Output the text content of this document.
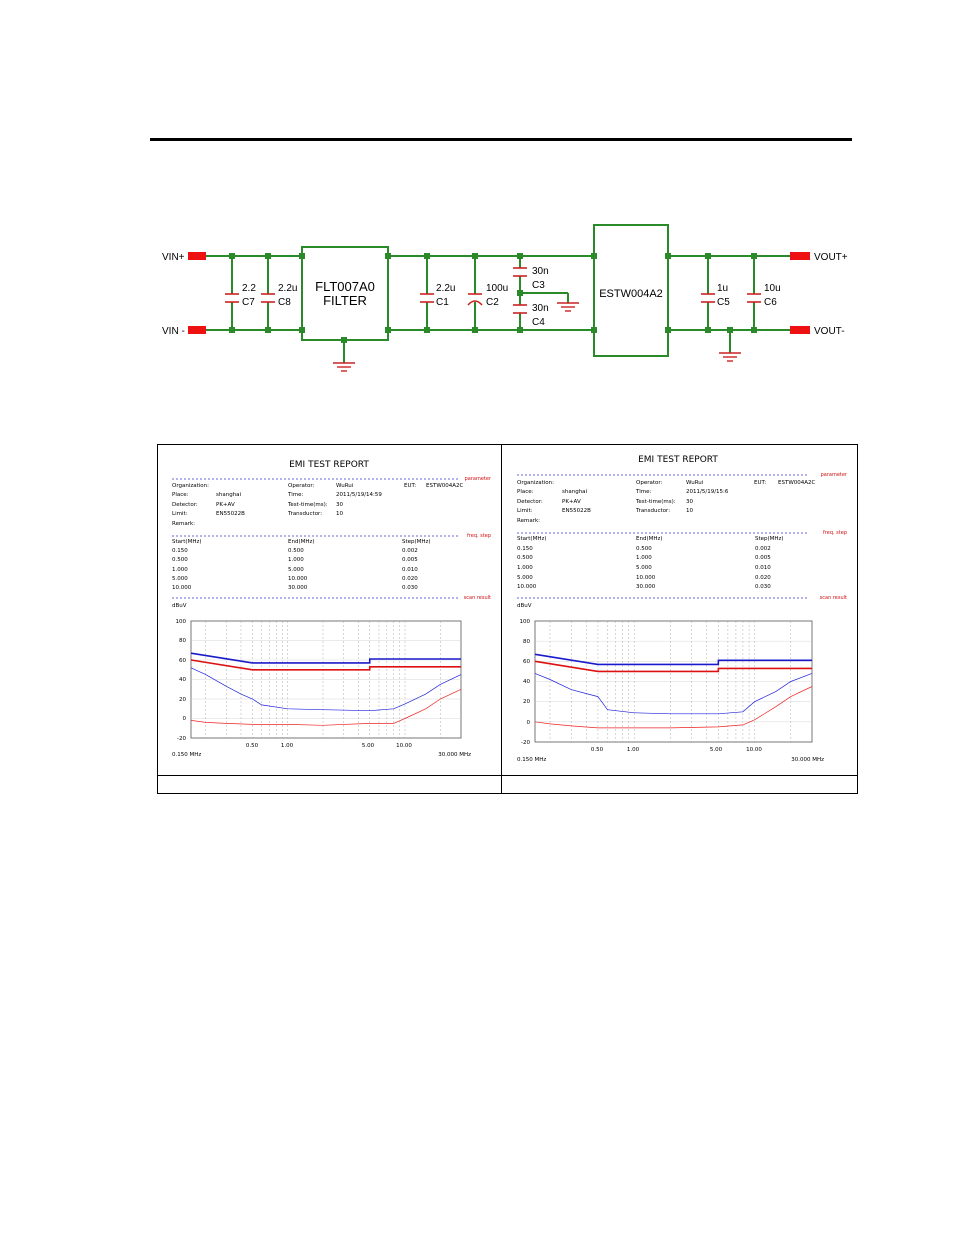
VIN+
VIN -
VOUT+
VOUT-
FLT007A0
FILTER	ESTW004A2
2.2
C7
2.2u
C8
2.2u
C1
100u
C2
30n
C3
30n
C4
1u
C5
10u
C6
EMI TEST REPORT
parameter
Organization:	Operator:	WuRui	EUT: ESTW004A2C
Place:	shanghai	Time:	2011/5/19/14:59
Detector:	PK+AV	Test-time(ms): 30
Limit:	EN55022B	Transductor:	10
Remark:
freq. step
Start(MHz)	End(MHz)	Step(MHz)
0.150	0.500	0.002
0.500	1.000	0.005
1.000	5.000	0.010
5.000	10.000	0.020
10.000	30.000	0.030
scan result
dBuV
100
80
60
40
20
0
-20
0.50	1.00	5.00	10.00
0.150 MHz	30.000 MHz
EMI TEST REPORT
parameter
Organization:	Operator:	WuRui	EUT: ESTW004A2C
Place:	shanghai	Time:	2011/5/19/15:6
Detector:	PK+AV	Test-time(ms): 30
Limit:	EN55022B	Transductor:	10
Remark:
freq. step
Start(MHz)	End(MHz)	Step(MHz)
0.150	0.500	0.002
0.500	1.000	0.005
1.000	5.000	0.010
5.000	10.000	0.020
10.000	30.000	0.030
scan result
dBuV
100
80
60
40
20
0
-20
0.50	1.00	5.00	10.00
0.150 MHz	30.000 MHz
